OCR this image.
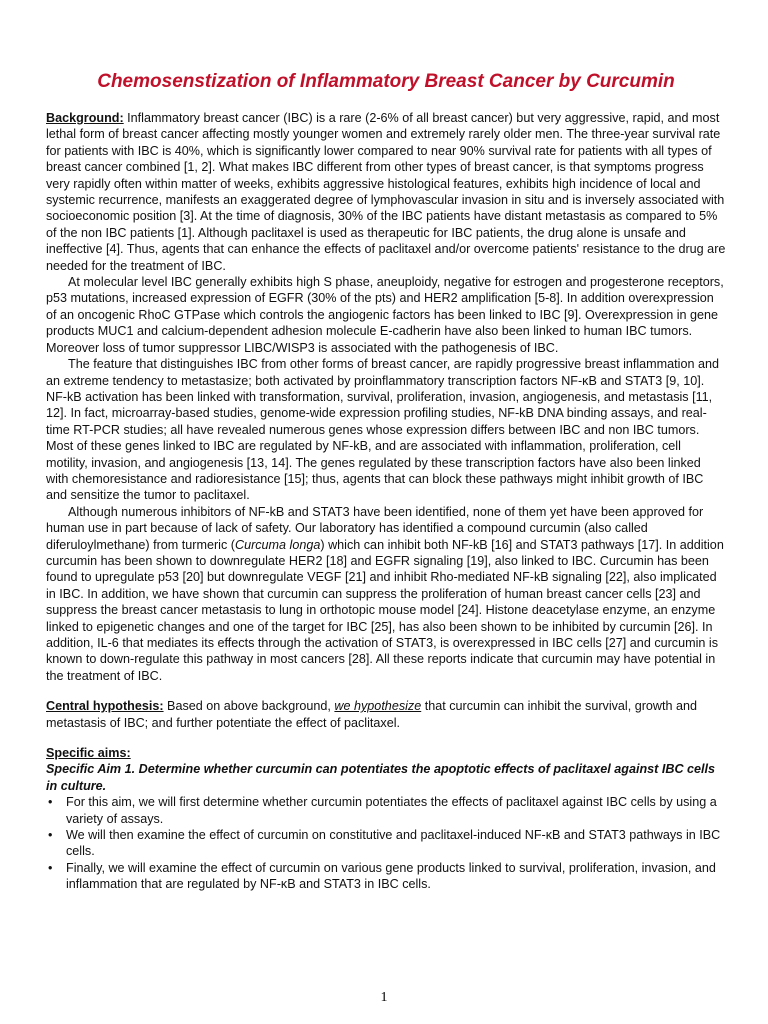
Chemosenstization of Inflammatory Breast Cancer by Curcumin

Background: Inflammatory breast cancer (IBC) is a rare (2-6% of all breast cancer) but very aggressive, rapid, and most lethal form of breast cancer affecting mostly younger women and extremely rarely older men. The three-year survival rate for patients with IBC is 40%, which is significantly lower compared to near 90% survival rate for patients with all types of breast cancer combined [1, 2]. What makes IBC different from other types of breast cancer, is that symptoms progress very rapidly often within matter of weeks, exhibits aggressive histological features, exhibits high incidence of local and systemic recurrence, manifests an exaggerated degree of lymphovascular invasion in situ and is inversely associated with socioeconomic position [3]. At the time of diagnosis, 30% of the IBC patients have distant metastasis as compared to 5% of the non IBC patients [1]. Although paclitaxel is used as therapeutic for IBC patients, the drug alone is unsafe and ineffective [4]. Thus, agents that can enhance the effects of paclitaxel and/or overcome patients' resistance to the drug are needed for the treatment of IBC.

At molecular level IBC generally exhibits high S phase, aneuploidy, negative for estrogen and progesterone receptors, p53 mutations, increased expression of EGFR (30% of the pts) and HER2 amplification [5-8]. In addition overexpression of an oncogenic RhoC GTPase which controls the angiogenic factors has been linked to IBC [9]. Overexpression in gene products MUC1 and calcium-dependent adhesion molecule E-cadherin have also been linked to human IBC tumors. Moreover loss of tumor suppressor LIBC/WISP3 is associated with the pathogenesis of IBC.

The feature that distinguishes IBC from other forms of breast cancer, are rapidly progressive breast inflammation and an extreme tendency to metastasize; both activated by proinflammatory transcription factors NF-κB and STAT3 [9, 10]. NF-kB activation has been linked with transformation, survival, proliferation, invasion, angiogenesis, and metastasis [11, 12]. In fact, microarray-based studies, genome-wide expression profiling studies, NF-kB DNA binding assays, and real-time RT-PCR studies; all have revealed numerous genes whose expression differs between IBC and non IBC tumors. Most of these genes linked to IBC are regulated by NF-kB, and are associated with inflammation, proliferation, cell motility, invasion, and angiogenesis [13, 14]. The genes regulated by these transcription factors have also been linked with chemoresistance and radioresistance [15]; thus, agents that can block these pathways might inhibit growth of IBC and sensitize the tumor to paclitaxel.

Although numerous inhibitors of NF-kB and STAT3 have been identified, none of them yet have been approved for human use in part because of lack of safety. Our laboratory has identified a compound curcumin (also called diferuloylmethane) from turmeric (Curcuma longa) which can inhibit both NF-kB [16] and STAT3 pathways [17]. In addition curcumin has been shown to downregulate HER2 [18] and EGFR signaling [19], also linked to IBC. Curcumin has been found to upregulate p53 [20] but downregulate VEGF [21] and inhibit Rho-mediated NF-kB signaling [22], also implicated in IBC. In addition, we have shown that curcumin can suppress the proliferation of human breast cancer cells [23] and suppress the breast cancer metastasis to lung in orthotopic mouse model [24]. Histone deacetylase enzyme, an enzyme linked to epigenetic changes and one of the target for IBC [25], has also been shown to be inhibited by curcumin [26]. In addition, IL-6 that mediates its effects through the activation of STAT3, is overexpressed in IBC cells [27] and curcumin is known to down-regulate this pathway in most cancers [28]. All these reports indicate that curcumin may have potential in the treatment of IBC.

Central hypothesis: Based on above background, we hypothesize that curcumin can inhibit the survival, growth and metastasis of IBC; and further potentiate the effect of paclitaxel.

Specific aims:

Specific Aim 1. Determine whether curcumin can potentiates the apoptotic effects of paclitaxel against IBC cells in culture.

• For this aim, we will first determine whether curcumin potentiates the effects of paclitaxel against IBC cells by using a variety of assays.
• We will then examine the effect of curcumin on constitutive and paclitaxel-induced NF-κB and STAT3 pathways in IBC cells.
• Finally, we will examine the effect of curcumin on various gene products linked to survival, proliferation, invasion, and inflammation that are regulated by NF-κB and STAT3 in IBC cells.
1
